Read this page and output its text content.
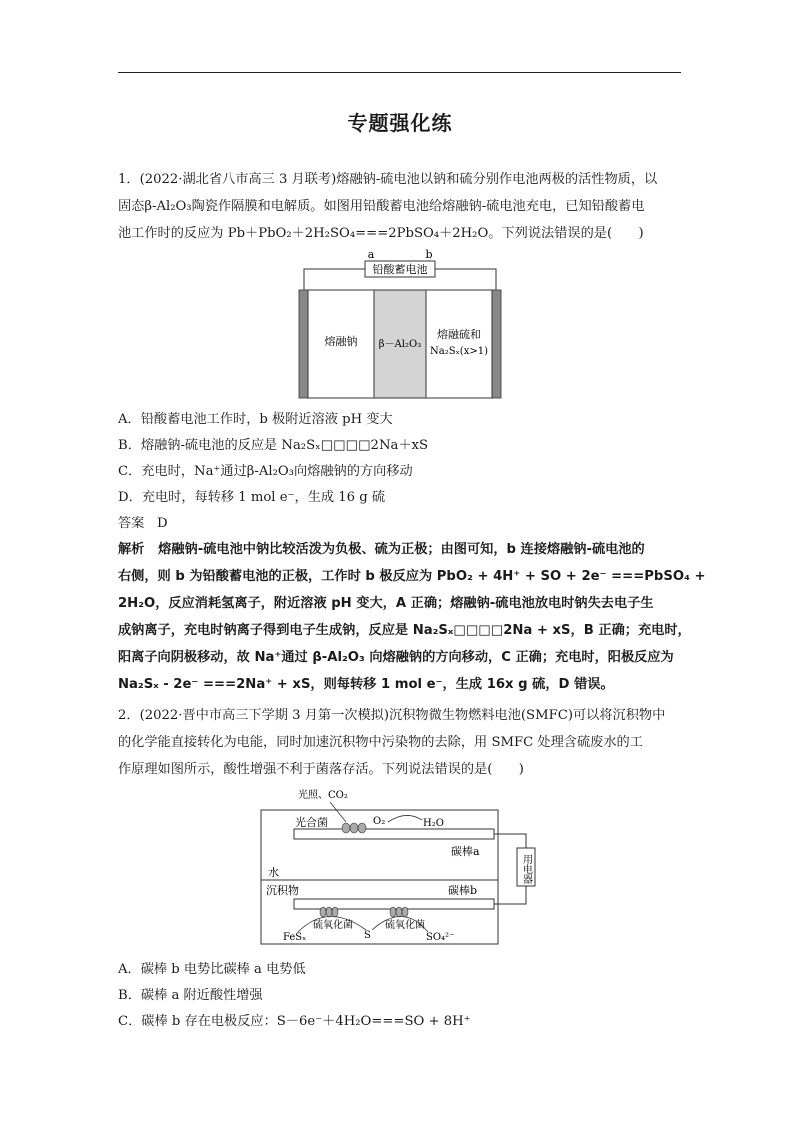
专题强化练
1．(2022·湖北省八市高三 3 月联考)熔融钠-硫电池以钠和硫分别作电池两极的活性物质，以
固态β-Al₂O₃陶瓷作隔膜和电解质。如图用铅酸蓄电池给熔融钠-硫电池充电，已知铅酸蓄电
池工作时的反应为 Pb＋PbO₂＋2H₂SO₄===2PbSO₄＋2H₂O。下列说法错误的是(　　)
a	b
铅酸蓄电池
熔融钠 β－Al₂O₃
熔融硫和
Na₂Sₓ(x>1)
A．铅酸蓄电池工作时，b 极附近溶液 pH 变大
B．熔融钠-硫电池的反应是 Na₂Sₓ□□□□2Na＋xS
C．充电时，Na⁺通过β-Al₂O₃向熔融钠的方向移动
D．充电时，每转移 1 mol e⁻，生成 16 g 硫
答案 D
解析 熔融钠-硫电池中钠比较活泼为负极、硫为正极；由图可知，b 连接熔融钠-硫电池的
右侧，则 b 为铅酸蓄电池的正极，工作时 b 极反应为 PbO₂ + 4H⁺ + SO + 2e⁻ ===PbSO₄ +
2H₂O，反应消耗氢离子，附近溶液 pH 变大，A 正确；熔融钠-硫电池放电时钠失去电子生
成钠离子，充电时钠离子得到电子生成钠，反应是 Na₂Sₓ□□□□2Na + xS，B 正确；充电时，
阳离子向阴极移动，故 Na⁺通过 β-Al₂O₃ 向熔融钠的方向移动，C 正确；充电时，阳极反应为
Na₂Sₓ - 2e⁻ ===2Na⁺ + xS，则每转移 1 mol e⁻，生成 16x g 硫，D 错误。
2．(2022·晋中市高三下学期 3 月第一次模拟)沉积物微生物燃料电池(SMFC)可以将沉积物中
的化学能直接转化为电能，同时加速沉积物中污染物的去除，用 SMFC 处理含硫废水的工
作原理如图所示，酸性增强不利于菌落存活。下列说法错误的是(　　)
光照、CO₂
光合菌	O₂	H₂O
碳棒a
水
沉积物	碳棒b
用电器
硫氧化菌	硫氧化菌
FeSₓ	S	SO₄²⁻
A．碳棒 b 电势比碳棒 a 电势低
B．碳棒 a 附近酸性增强
C．碳棒 b 存在电极反应：S－6e⁻＋4H₂O===SO + 8H⁺
